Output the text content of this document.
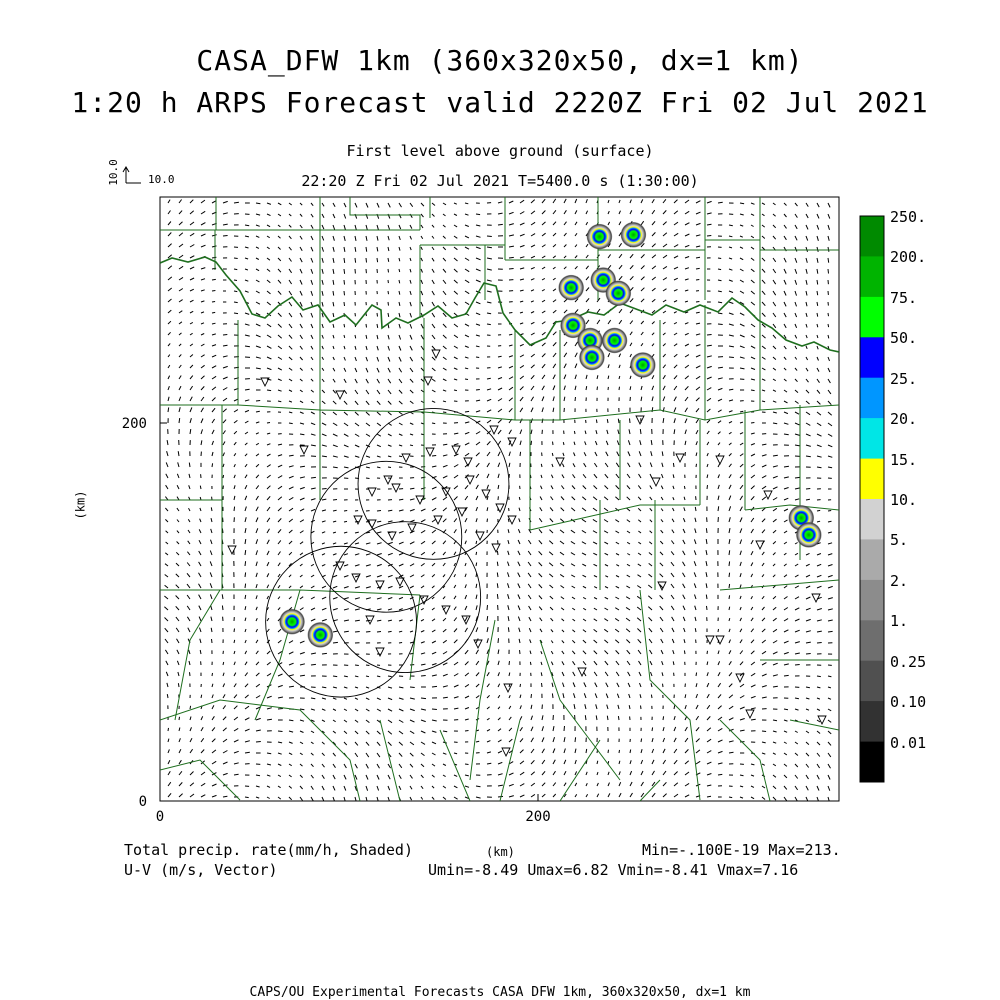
0	200
0
200
CASA_DFW 1km (360x320x50, dx=1 km)
1:20 h ARPS Forecast valid 2220Z Fri 02 Jul 2021
First level above ground (surface)
22:20 Z Fri 02 Jul 2021 T=5400.0 s (1:30:00)
10.0
10.0
(km)
(km)
Total precip. rate(mm/h, Shaded)
U-V (m/s, Vector)
Min=-.100E-19 Max=213.
Umin=-8.49 Umax=6.82 Vmin=-8.41 Vmax=7.16
CAPS/OU Experimental Forecasts CASA DFW 1km, 360x320x50, dx=1 km
250.
200.
75.
50.
25.
20.
15.
10.
5.
2.
1.
0.25
0.10
0.01
